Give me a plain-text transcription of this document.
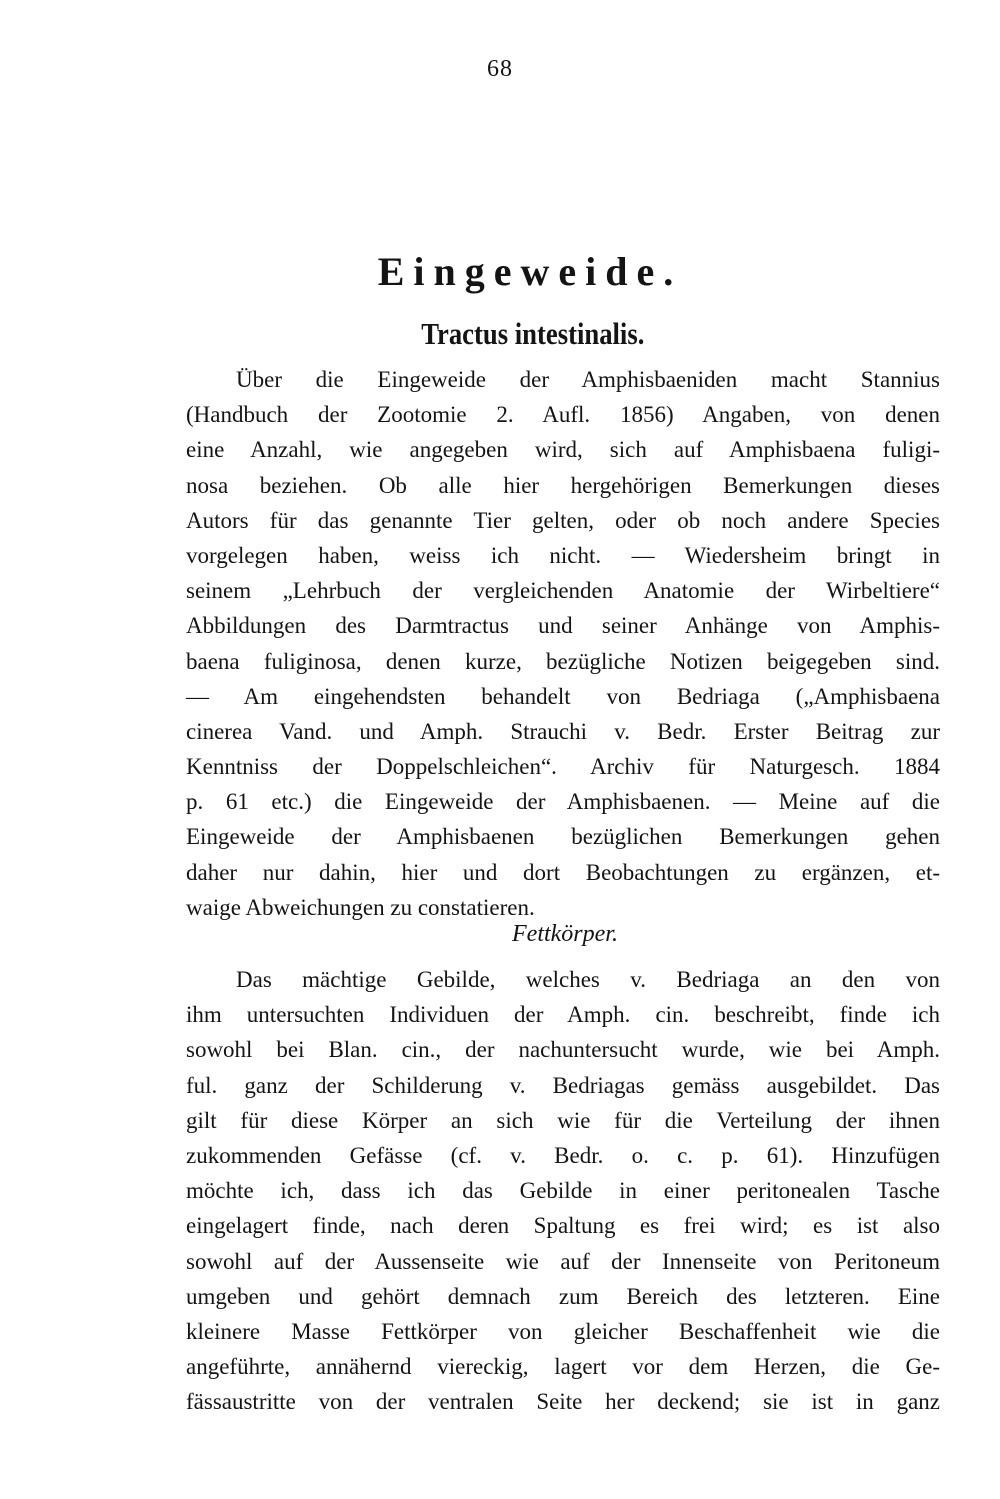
68
Eingeweide.
Tractus intestinalis.
Über die Eingeweide der Amphisbaeniden macht Stannius
(Handbuch der Zootomie 2. Aufl. 1856) Angaben, von denen
eine Anzahl, wie angegeben wird, sich auf Amphisbaena fuligi-
nosa beziehen. Ob alle hier hergehörigen Bemerkungen dieses
Autors für das genannte Tier gelten, oder ob noch andere Species
vorgelegen haben, weiss ich nicht. — Wiedersheim bringt in
seinem „Lehrbuch der vergleichenden Anatomie der Wirbeltiere“
Abbildungen des Darmtractus und seiner Anhänge von Amphis-
baena fuliginosa, denen kurze, bezügliche Notizen beigegeben sind.
— Am eingehendsten behandelt von Bedriaga („Amphisbaena
cinerea Vand. und Amph. Strauchi v. Bedr. Erster Beitrag zur
Kenntniss der Doppelschleichen“. Archiv für Naturgesch. 1884
p. 61 etc.) die Eingeweide der Amphisbaenen. — Meine auf die
Eingeweide der Amphisbaenen bezüglichen Bemerkungen gehen
daher nur dahin, hier und dort Beobachtungen zu ergänzen, et-
waige Abweichungen zu constatieren.
Fettkörper.
Das mächtige Gebilde, welches v. Bedriaga an den von
ihm untersuchten Individuen der Amph. cin. beschreibt, finde ich
sowohl bei Blan. cin., der nachuntersucht wurde, wie bei Amph.
ful. ganz der Schilderung v. Bedriagas gemäss ausgebildet. Das
gilt für diese Körper an sich wie für die Verteilung der ihnen
zukommenden Gefässe (cf. v. Bedr. o. c. p. 61). Hinzufügen
möchte ich, dass ich das Gebilde in einer peritonealen Tasche
eingelagert finde, nach deren Spaltung es frei wird; es ist also
sowohl auf der Aussenseite wie auf der Innenseite von Peritoneum
umgeben und gehört demnach zum Bereich des letzteren. Eine
kleinere Masse Fettkörper von gleicher Beschaffenheit wie die
angeführte, annähernd viereckig, lagert vor dem Herzen, die Ge-
fässaustritte von der ventralen Seite her deckend; sie ist in ganz
